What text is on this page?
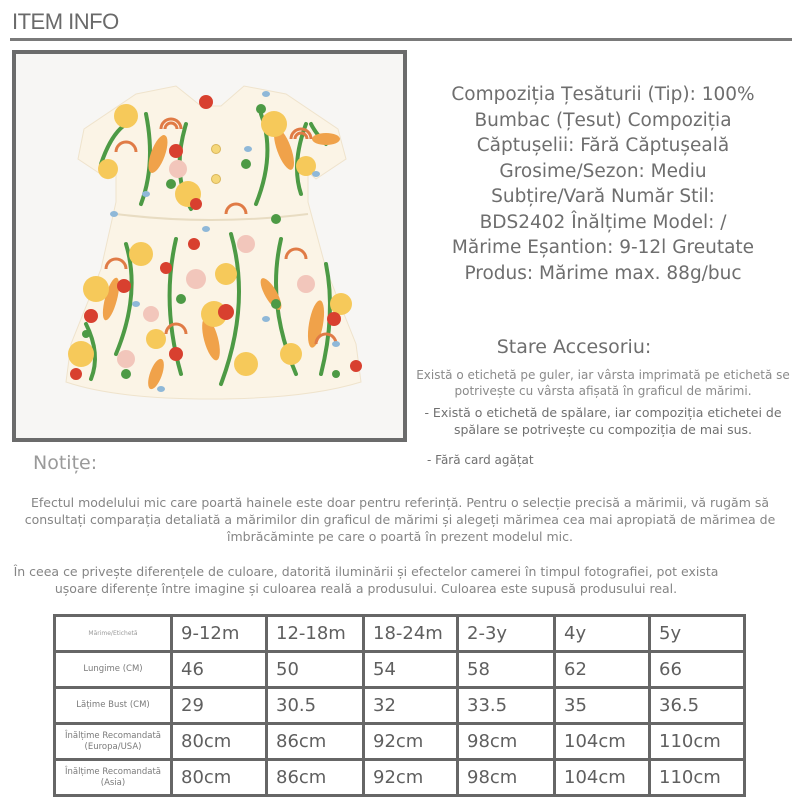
ITEM INFO
Compoziția Țesăturii (Tip): 100%
Bumbac (Țesut) Compoziția
Căptușelii: Fără Căptușeală
Grosime/Sezon: Mediu
Subțire/Vară Număr Stil:
BDS2402 Înălțime Model: /
Mărime Eșantion: 9-12l Greutate
Produs: Mărime max. 88g/buc
Stare Accesoriu:
Există o etichetă pe guler, iar vârsta imprimată pe etichetă se potrivește cu vârsta afișată în graficul de mărimi.
- Există o etichetă de spălare, iar compoziția etichetei de spălare se potrivește cu compoziția de mai sus.
- Fără card agățat
Notițe:
Efectul modelului mic care poartă hainele este doar pentru referință. Pentru o selecție precisă a mărimii, vă rugăm să consultați comparația detaliată a mărimilor din graficul de mărimi și alegeți mărimea cea mai apropiată de mărimea de îmbrăcăminte pe care o poartă în prezent modelul mic.
În ceea ce privește diferențele de culoare, datorită iluminării și efectelor camerei în timpul fotografiei, pot exista ușoare diferențe între imagine și culoarea reală a produsului. Culoarea este supusă produsului real.
Mărime/Etichetă	9-12m	12-18m	18-24m	2-3y	4y	5y
Lungime (CM)	46	50	54	58	62	66
Lățime Bust (CM)	29	30.5	32	33.5	35	36.5
Înălțime Recomandată (Europa/USA)	80cm	86cm	92cm	98cm	104cm	110cm
Înălțime Recomandată (Asia)	80cm	86cm	92cm	98cm	104cm	110cm
